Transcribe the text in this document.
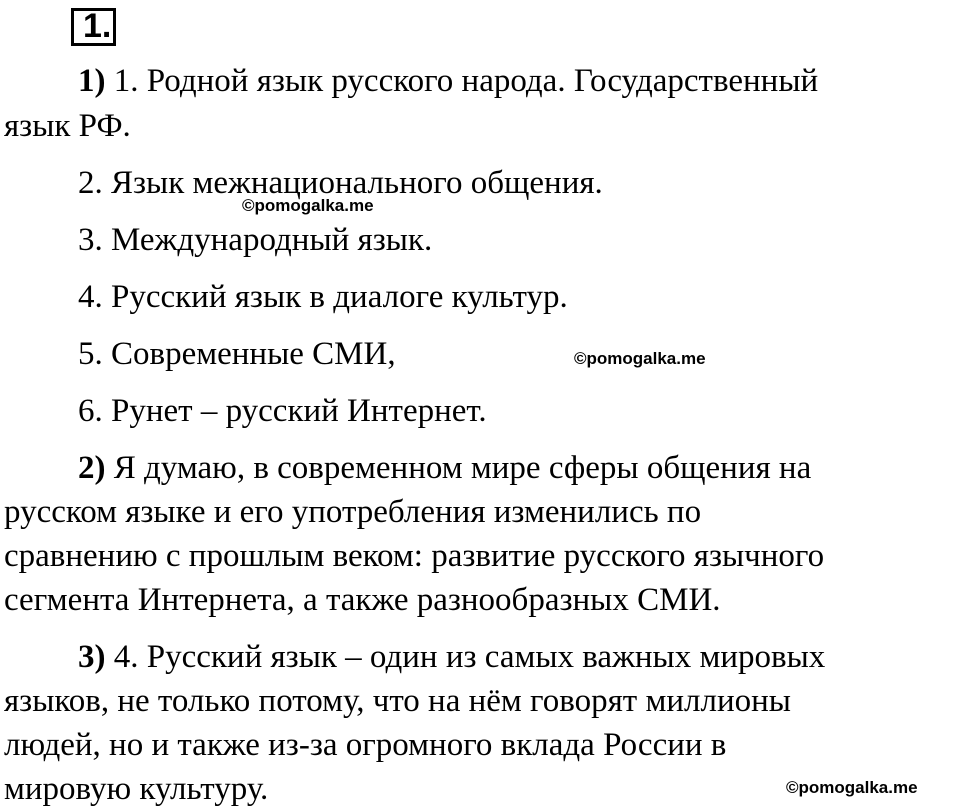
1.
1) 1. Родной язык русского народа. Государственный
язык РФ.
2. Язык межнационального общения.
©pomogalka.me
3. Международный язык.
4. Русский язык в диалоге культур.
5. Современные СМИ,	©pomogalka.me
6. Рунет – русский Интернет.
2) Я думаю, в современном мире сферы общения на
русском языке и его употребления изменились по
сравнению с прошлым веком: развитие русского язычного
сегмента Интернета, а также разнообразных СМИ.
3) 4. Русский язык – один из самых важных мировых
языков, не только потому, что на нём говорят миллионы
людей, но и также из-за огромного вклада России в
мировую культуру.	©pomogalka.me
